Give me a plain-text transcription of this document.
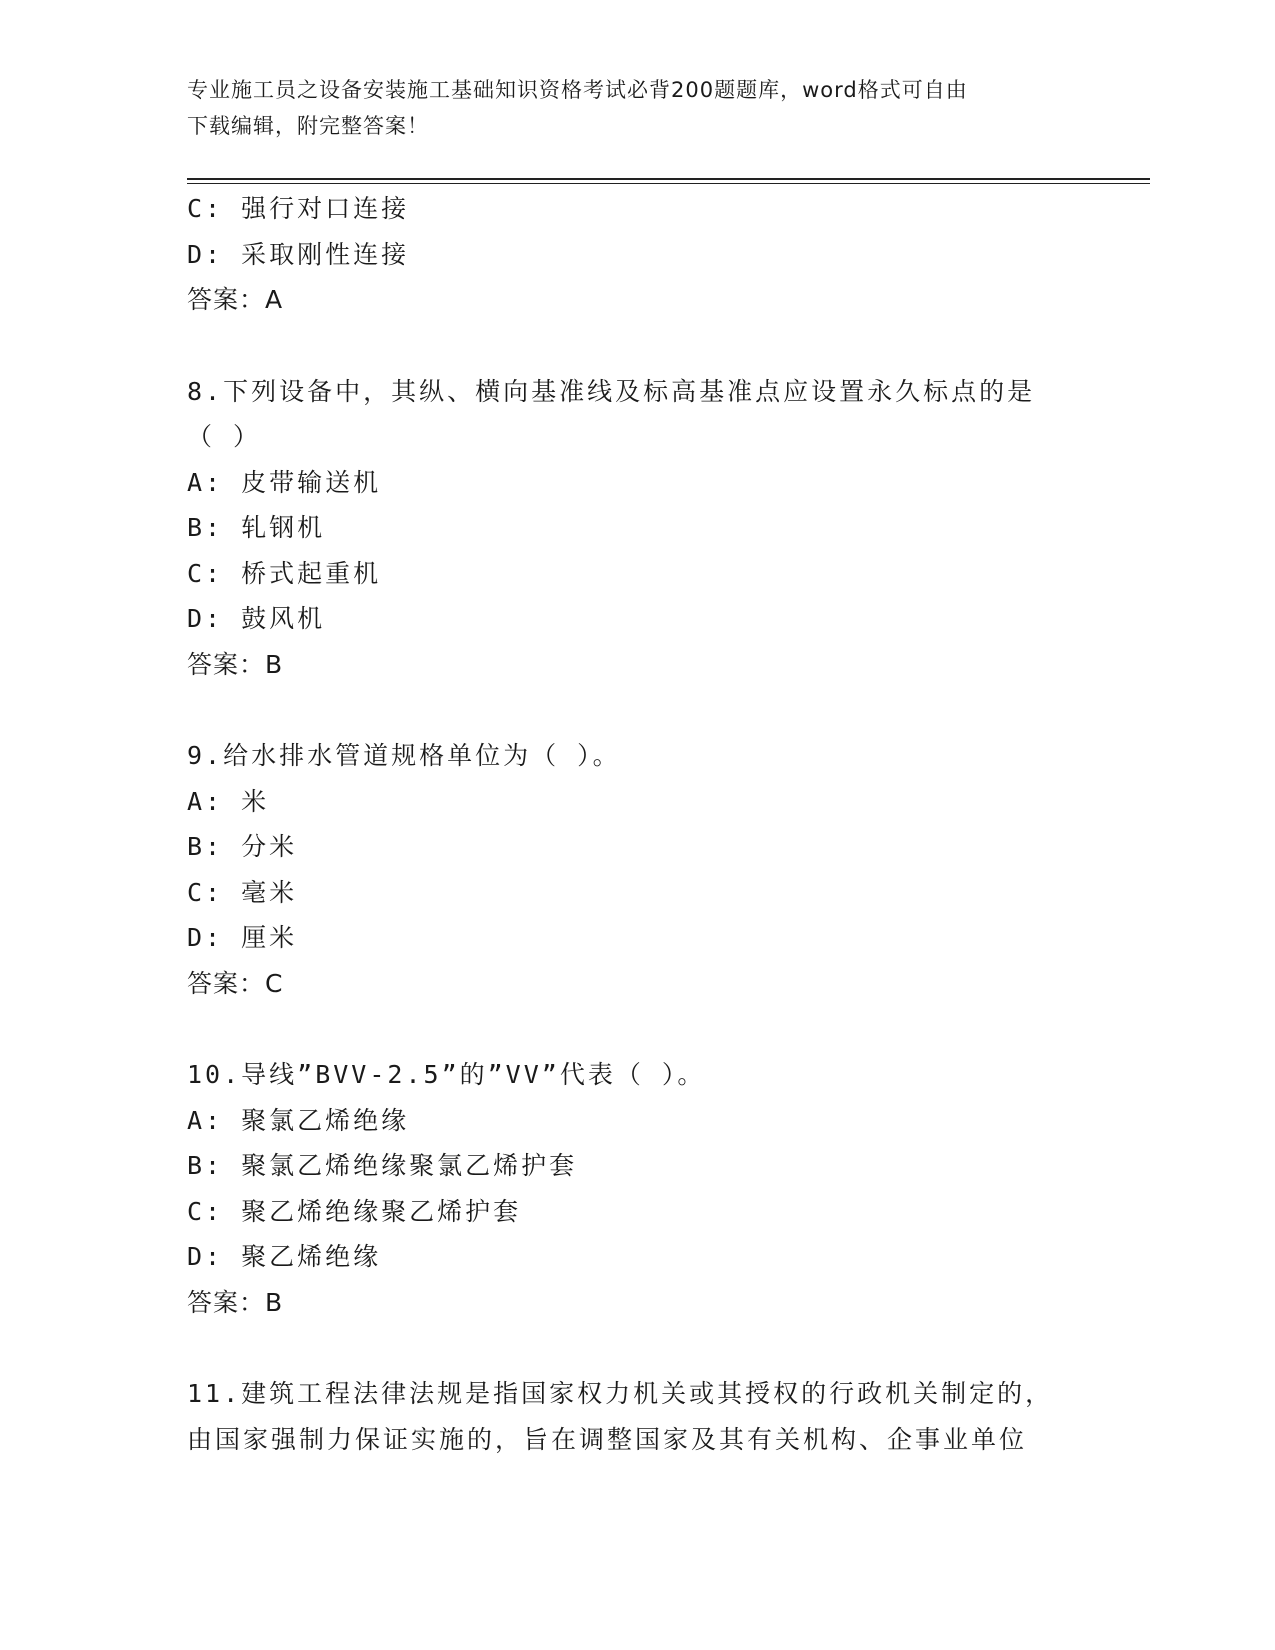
专业施工员之设备安装施工基础知识资格考试必背200题题库，word格式可自由
下载编辑，附完整答案！
C: 强行对口连接
D: 采取刚性连接
答案：A
8.下列设备中，其纵、横向基准线及标高基准点应设置永久标点的是
（ ）
A: 皮带输送机
B: 轧钢机
C: 桥式起重机
D: 鼓风机
答案：B
9.给水排水管道规格单位为（ ）。
A: 米
B: 分米
C: 毫米
D: 厘米
答案：C
10.导线”BVV-2.5”的”VV”代表（ ）。
A: 聚氯乙烯绝缘
B: 聚氯乙烯绝缘聚氯乙烯护套
C: 聚乙烯绝缘聚乙烯护套
D: 聚乙烯绝缘
答案：B
11.建筑工程法律法规是指国家权力机关或其授权的行政机关制定的，
由国家强制力保证实施的，旨在调整国家及其有关机构、企事业单位
